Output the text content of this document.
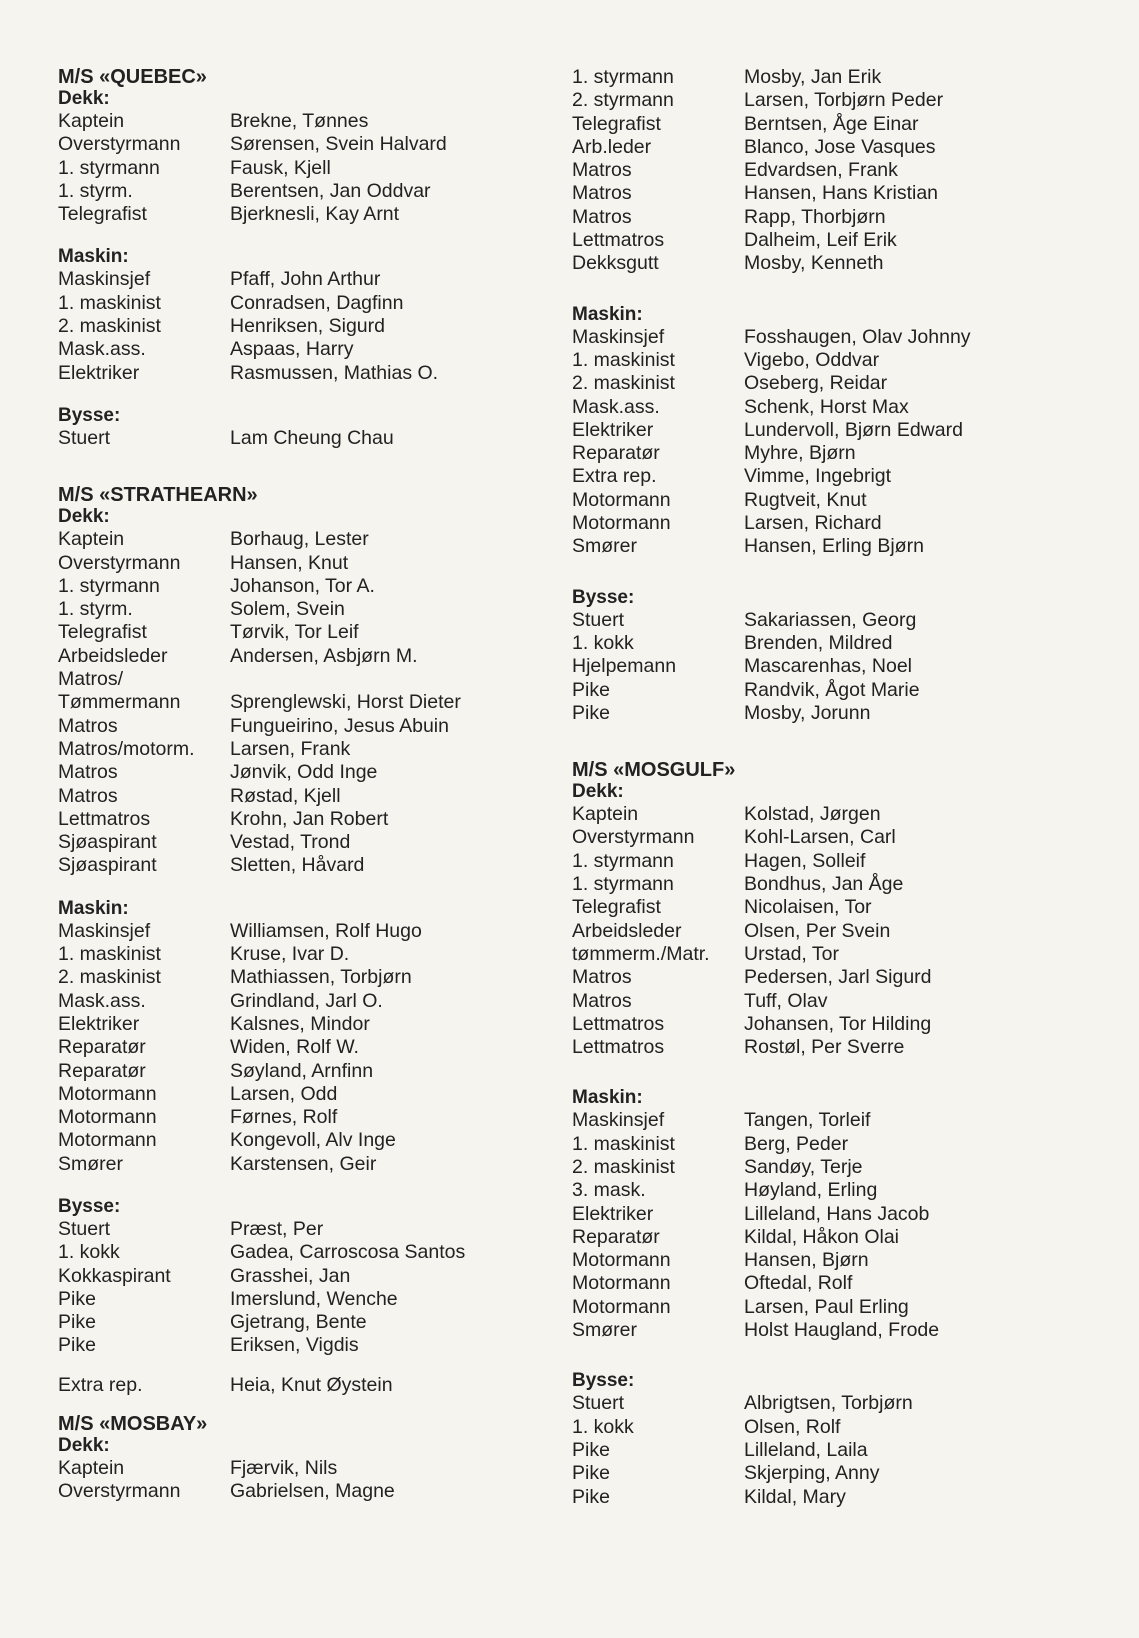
M/S «QUEBEC»
Dekk:
Kaptein	Brekne, Tønnes
Overstyrmann	Sørensen, Svein Halvard
1. styrmann	Fausk, Kjell
1. styrm.	Berentsen, Jan Oddvar
Telegrafist	Bjerknesli, Kay Arnt
Maskin:
Maskinsjef	Pfaff, John Arthur
1. maskinist	Conradsen, Dagfinn
2. maskinist	Henriksen, Sigurd
Mask.ass.	Aspaas, Harry
Elektriker	Rasmussen, Mathias O.
Bysse:
Stuert	Lam Cheung Chau
M/S «STRATHEARN»
Dekk:
Kaptein	Borhaug, Lester
Overstyrmann	Hansen, Knut
1. styrmann	Johanson, Tor A.
1. styrm.	Solem, Svein
Telegrafist	Tørvik, Tor Leif
Arbeidsleder	Andersen, Asbjørn M.
Matros/
Tømmermann	Sprenglewski, Horst Dieter
Matros	Fungueirino, Jesus Abuin
Matros/motorm.	Larsen, Frank
Matros	Jønvik, Odd Inge
Matros	Røstad, Kjell
Lettmatros	Krohn, Jan Robert
Sjøaspirant	Vestad, Trond
Sjøaspirant	Sletten, Håvard
Maskin:
Maskinsjef	Williamsen, Rolf Hugo
1. maskinist	Kruse, Ivar D.
2. maskinist	Mathiassen, Torbjørn
Mask.ass.	Grindland, Jarl O.
Elektriker	Kalsnes, Mindor
Reparatør	Widen, Rolf W.
Reparatør	Søyland, Arnfinn
Motormann	Larsen, Odd
Motormann	Førnes, Rolf
Motormann	Kongevoll, Alv Inge
Smører	Karstensen, Geir
Bysse:
Stuert	Præst, Per
1. kokk	Gadea, Carroscosa Santos
Kokkaspirant	Grasshei, Jan
Pike	Imerslund, Wenche
Pike	Gjetrang, Bente
Pike	Eriksen, Vigdis
Extra rep.	Heia, Knut Øystein
M/S «MOSBAY»
Dekk:
Kaptein	Fjærvik, Nils
Overstyrmann	Gabrielsen, Magne
1. styrmann	Mosby, Jan Erik
2. styrmann	Larsen, Torbjørn Peder
Telegrafist	Berntsen, Åge Einar
Arb.leder	Blanco, Jose Vasques
Matros	Edvardsen, Frank
Matros	Hansen, Hans Kristian
Matros	Rapp, Thorbjørn
Lettmatros	Dalheim, Leif Erik
Dekksgutt	Mosby, Kenneth
Maskin:
Maskinsjef	Fosshaugen, Olav Johnny
1. maskinist	Vigebo, Oddvar
2. maskinist	Oseberg, Reidar
Mask.ass.	Schenk, Horst Max
Elektriker	Lundervoll, Bjørn Edward
Reparatør	Myhre, Bjørn
Extra rep.	Vimme, Ingebrigt
Motormann	Rugtveit, Knut
Motormann	Larsen, Richard
Smører	Hansen, Erling Bjørn
Bysse:
Stuert	Sakariassen, Georg
1. kokk	Brenden, Mildred
Hjelpemann	Mascarenhas, Noel
Pike	Randvik, Ågot Marie
Pike	Mosby, Jorunn
M/S «MOSGULF»
Dekk:
Kaptein	Kolstad, Jørgen
Overstyrmann	Kohl-Larsen, Carl
1. styrmann	Hagen, Solleif
1. styrmann	Bondhus, Jan Åge
Telegrafist	Nicolaisen, Tor
Arbeidsleder	Olsen, Per Svein
tømmerm./Matr.	Urstad, Tor
Matros	Pedersen, Jarl Sigurd
Matros	Tuff, Olav
Lettmatros	Johansen, Tor Hilding
Lettmatros	Rostøl, Per Sverre
Maskin:
Maskinsjef	Tangen, Torleif
1. maskinist	Berg, Peder
2. maskinist	Sandøy, Terje
3. mask.	Høyland, Erling
Elektriker	Lilleland, Hans Jacob
Reparatør	Kildal, Håkon Olai
Motormann	Hansen, Bjørn
Motormann	Oftedal, Rolf
Motormann	Larsen, Paul Erling
Smører	Holst Haugland, Frode
Bysse:
Stuert	Albrigtsen, Torbjørn
1. kokk	Olsen, Rolf
Pike	Lilleland, Laila
Pike	Skjerping, Anny
Pike	Kildal, Mary
